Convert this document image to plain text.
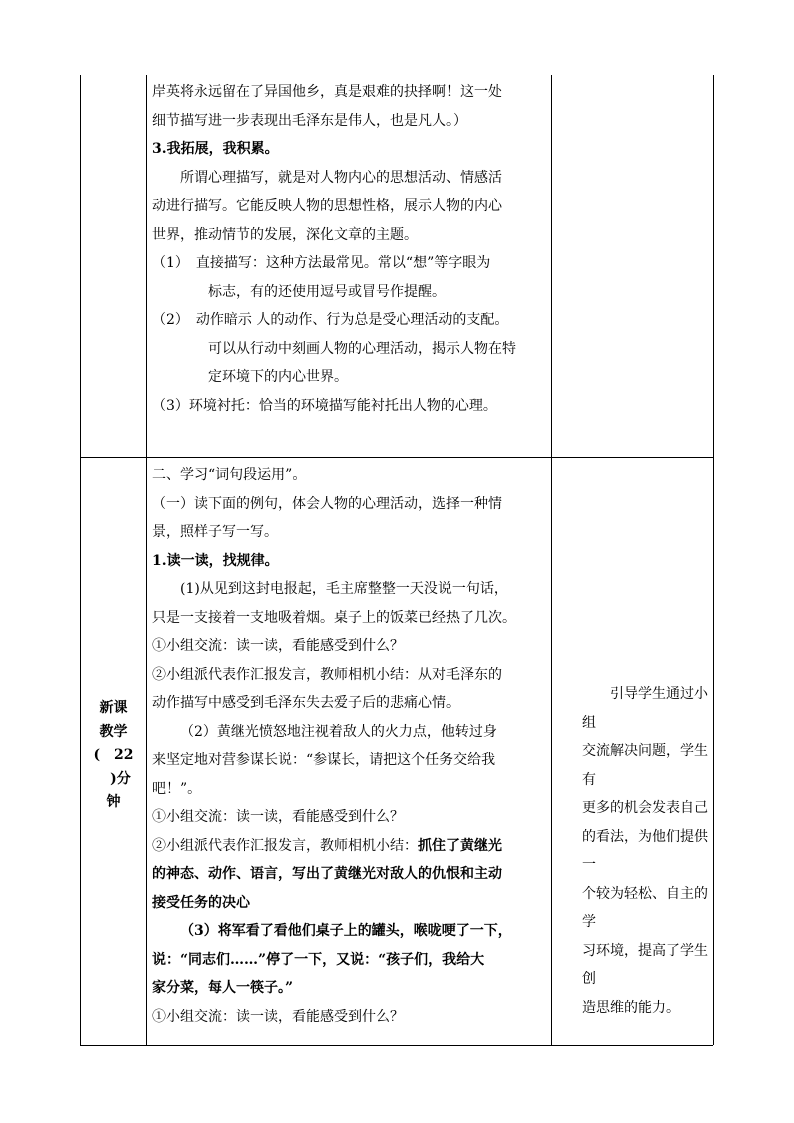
岸英将永远留在了异国他乡，真是艰难的抉择啊！这一处

细节描写进一步表现出毛泽东是伟人，也是凡人。）

3.我拓展，我积累。

所谓心理描写，就是对人物内心的思想活动、情感活

动进行描写。它能反映人物的思想性格，展示人物的内心

世界，推动情节的发展，深化文章的主题。

（1）　直接描写：这种方法最常见。常以“想”等字眼为

标志，有的还使用逗号或冒号作提醒。

（2）　动作暗示 人的动作、行为总是受心理活动的支配。

可以从行动中刻画人物的心理活动，揭示人物在特

定环境下的内心世界。

（3）环境衬托：恰当的环境描写能衬托出人物的心理。

二、学习“词句段运用”。

（一）读下面的例句，体会人物的心理活动，选择一种情

景，照样子写一写。

1.读一读，找规律。

(1)从见到这封电报起，毛主席整整一天没说一句话，

只是一支接着一支地吸着烟。桌子上的饭菜已经热了几次。

①小组交流：读一读，看能感受到什么？

②小组派代表作汇报发言，教师相机小结：从对毛泽东的

动作描写中感受到毛泽东失去爱子后的悲痛心情。

（2）黄继光愤怒地注视着敌人的火力点，他转过身

来坚定地对营参谋长说：“参谋长，请把这个任务交给我

吧！”。

①小组交流：读一读，看能感受到什么？

②小组派代表作汇报发言，教师相机小结：抓住了黄继光

的神态、动作、语言，写出了黄继光对敌人的仇恨和主动

接受任务的决心

（3）将军看了看他们桌子上的罐头，喉咙哽了一下，

说：“同志们……”停了一下，又说：“孩子们，我给大

家分菜，每人一筷子。”

①小组交流：读一读，看能感受到什么？

新课
教学
(　22
　)分
钟

　　引导学生通过小组

交流解决问题，学生有

更多的机会发表自己

的看法，为他们提供一

个较为轻松、自主的学

习环境，提高了学生创

造思维的能力。
